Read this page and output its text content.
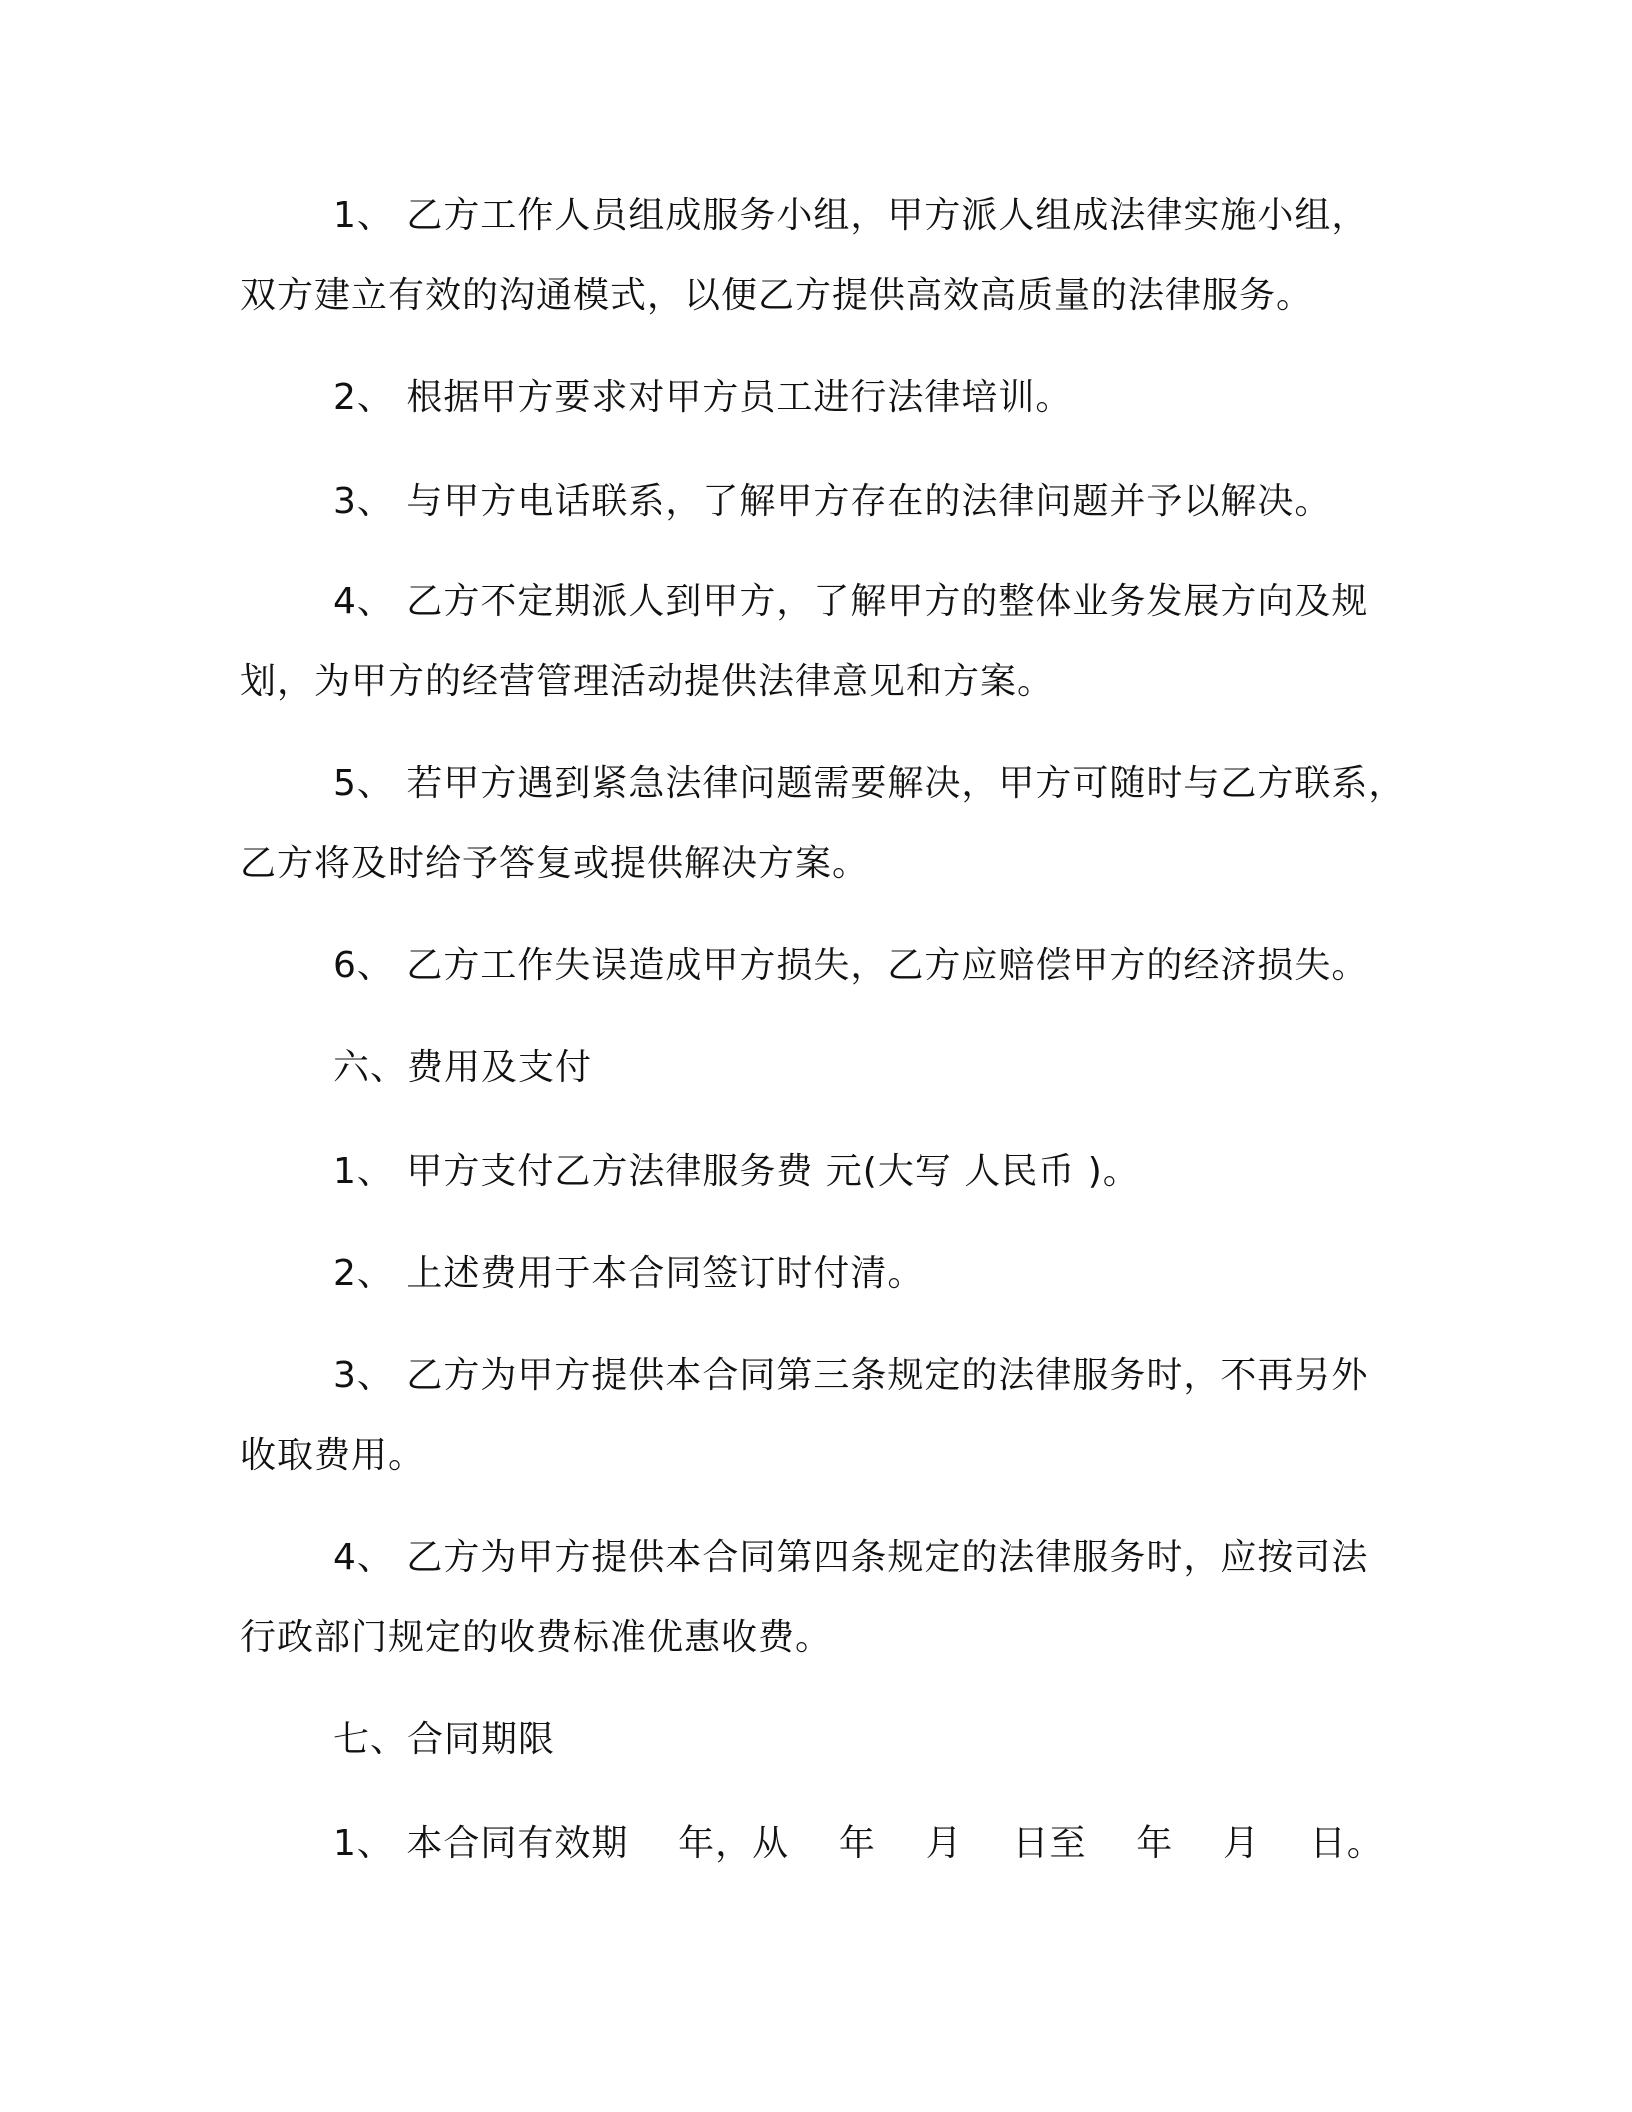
1、 乙方工作人员组成服务小组，甲方派人组成法律实施小组，
双方建立有效的沟通模式，以便乙方提供高效高质量的法律服务。
2、 根据甲方要求对甲方员工进行法律培训。
3、 与甲方电话联系，了解甲方存在的法律问题并予以解决。
4、 乙方不定期派人到甲方，了解甲方的整体业务发展方向及规
划，为甲方的经营管理活动提供法律意见和方案。
5、 若甲方遇到紧急法律问题需要解决，甲方可随时与乙方联系，
乙方将及时给予答复或提供解决方案。
6、 乙方工作失误造成甲方损失，乙方应赔偿甲方的经济损失。
六、费用及支付
1、 甲方支付乙方法律服务费 元(大写 人民币 )。
2、 上述费用于本合同签订时付清。
3、 乙方为甲方提供本合同第三条规定的法律服务时，不再另外
收取费用。
4、 乙方为甲方提供本合同第四条规定的法律服务时，应按司法
行政部门规定的收费标准优惠收费。
七、合同期限
1、 本合同有效期    年，从    年    月    日至    年    月    日。
